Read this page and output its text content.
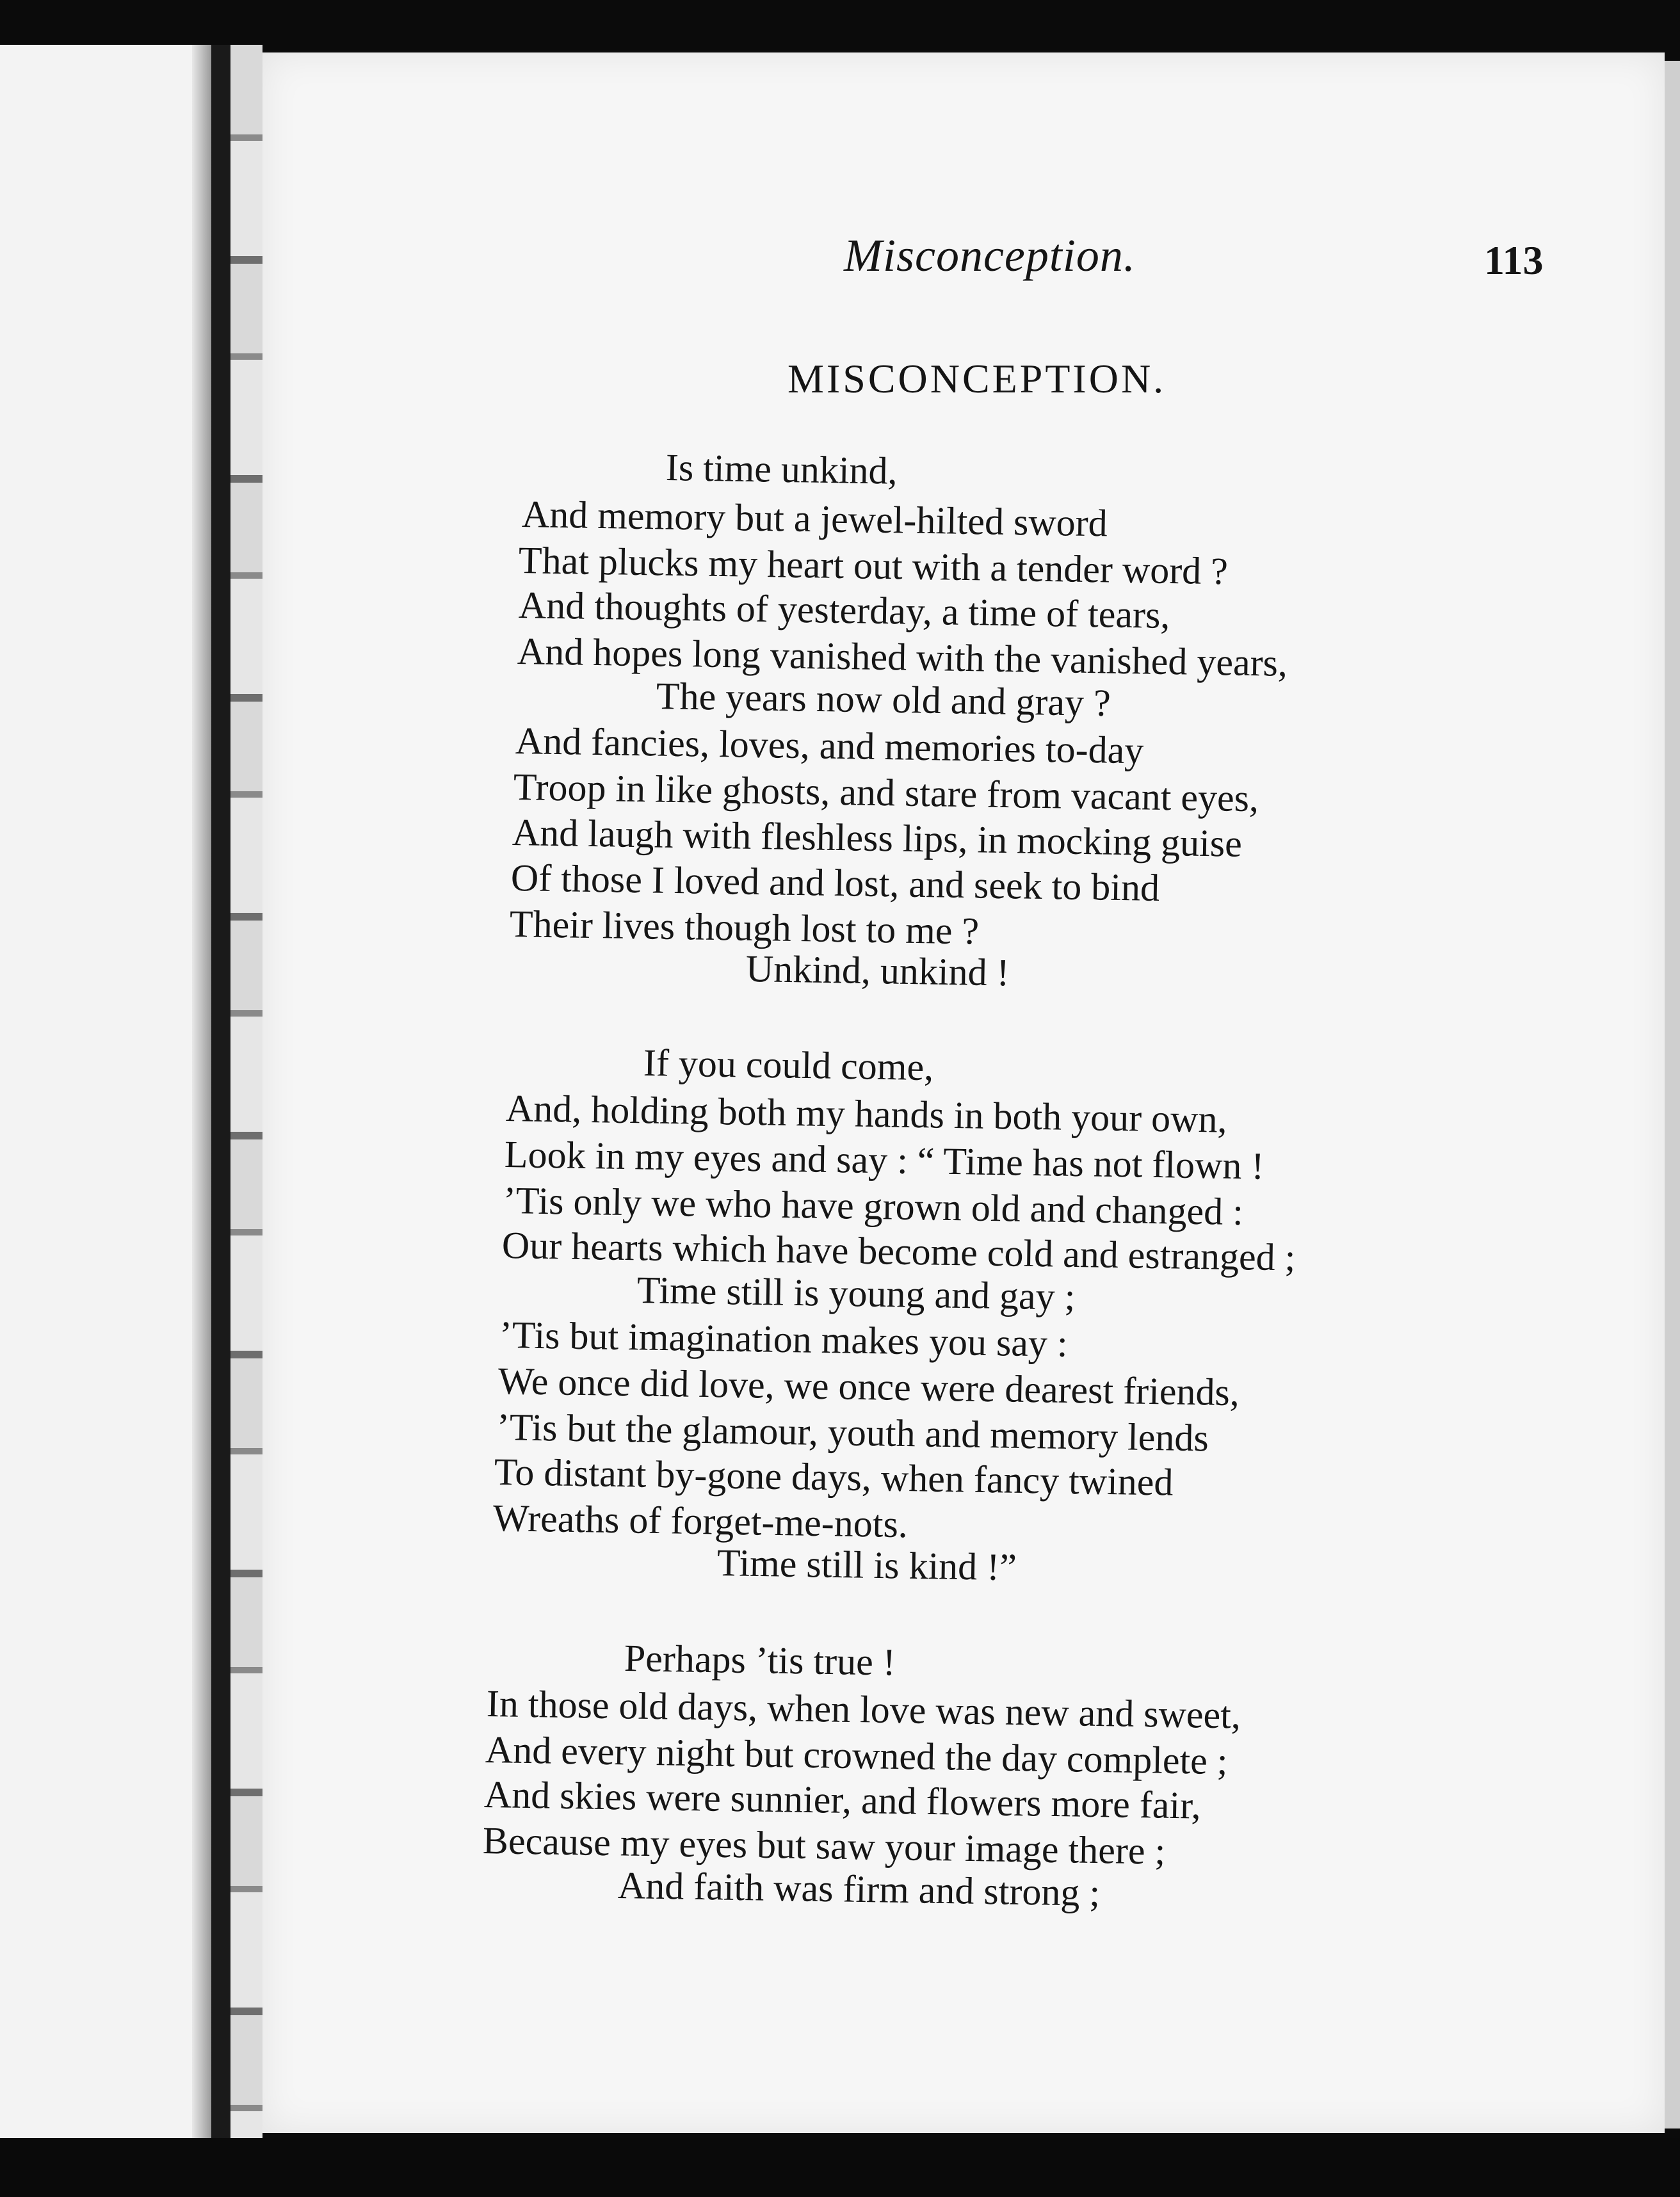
Misconception.	113
MISCONCEPTION.
Is time unkind,
And memory but a jewel-hilted sword
That plucks my heart out with a tender word ?
And thoughts of yesterday, a time of tears,
And hopes long vanished with the vanished years,
The years now old and gray ?
And fancies, loves, and memories to-day
Troop in like ghosts, and stare from vacant eyes,
And laugh with fleshless lips, in mocking guise
Of those I loved and lost, and seek to bind
Their lives though lost to me ?
Unkind, unkind !
If you could come,
And, holding both my hands in both your own,
Look in my eyes and say : “ Time has not flown !
’Tis only we who have grown old and changed :
Our hearts which have become cold and estranged ;
Time still is young and gay ;
’Tis but imagination makes you say :
We once did love, we once were dearest friends,
’Tis but the glamour, youth and memory lends
To distant by-gone days, when fancy twined
Wreaths of forget-me-nots.
Time still is kind !”
Perhaps ’tis true !
In those old days, when love was new and sweet,
And every night but crowned the day complete ;
And skies were sunnier, and flowers more fair,
Because my eyes but saw your image there ;
And faith was firm and strong ;
